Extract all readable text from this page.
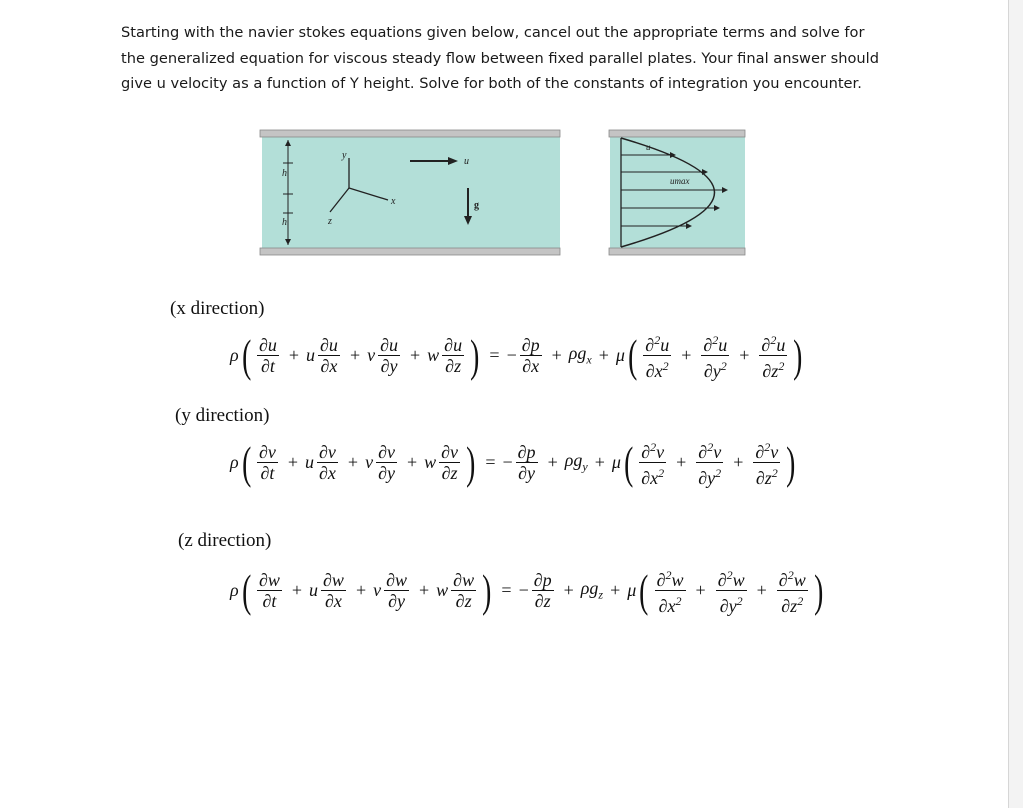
Starting with the navier stokes equations given below, cancel out the appropriate terms and solve for
the generalized equation for viscous steady flow between fixed parallel plates. Your final answer should
give u velocity as a function of Y height. Solve for both of the constants of integration you encounter.

h
h
y
x
z
u
g
u
umax
(x direction)
ρ ( $\frac{\partial u}{\partial t} + u \frac{\partial u}{\partial x} + v \frac{\partial u}{\partial y} + w \frac{\partial u}{\partial z}$ ) = − $\frac{\partial p}{\partial x} + \rho g_x + \mu$ ( $\frac{\partial^2u}{\partial x^2} + \frac{\partial^2u}{\partial y^2} + \frac{\partial^2u}{\partial z^2}$ )
(y direction)
ρ ( $\frac{\partial v}{\partial t} + u \frac{\partial v}{\partial x} + v \frac{\partial v}{\partial y} + w \frac{\partial v}{\partial z}$ ) = − $\frac{\partial p}{\partial y} + \rho g_y + \mu$ ( $\frac{\partial^2v}{\partial x^2} + \frac{\partial^2v}{\partial y^2} + \frac{\partial^2v}{\partial z^2}$ )
(z direction)
ρ ( $\frac{\partial w}{\partial t} + u \frac{\partial w}{\partial x} + v \frac{\partial w}{\partial y} + w \frac{\partial w}{\partial z}$ ) = − $\frac{\partial p}{\partial z} + \rho g_z + \mu$ ( $\frac{\partial^2w}{\partial x^2} + \frac{\partial^2w}{\partial y^2} + \frac{\partial^2w}{\partial z^2}$ )
